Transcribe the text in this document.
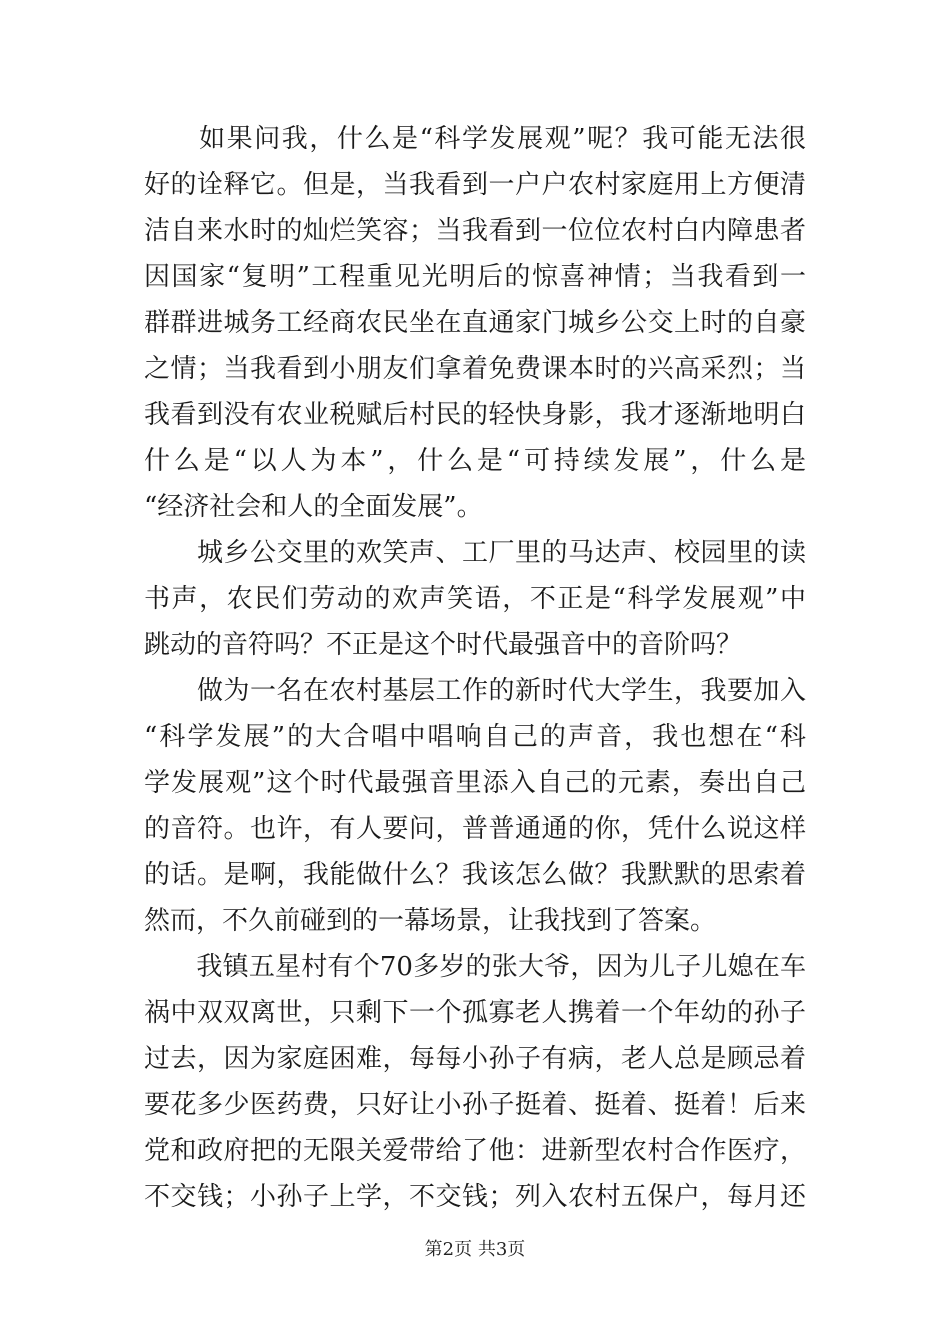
　　如果问我，什么是“科学发展观”呢？我可能无法很
好的诠释它。但是，当我看到一户户农村家庭用上方便清
洁自来水时的灿烂笑容；当我看到一位位农村白内障患者
因国家“复明”工程重见光明后的惊喜神情；当我看到一
群群进城务工经商农民坐在直通家门城乡公交上时的自豪
之情；当我看到小朋友们拿着免费课本时的兴高采烈；当
我看到没有农业税赋后村民的轻快身影，我才逐渐地明白
什么是“以人为本”，什么是“可持续发展”，什么是
“经济社会和人的全面发展”。
　　城乡公交里的欢笑声、工厂里的马达声、校园里的读
书声，农民们劳动的欢声笑语，不正是“科学发展观”中
跳动的音符吗？不正是这个时代最强音中的音阶吗？
　　做为一名在农村基层工作的新时代大学生，我要加入
“科学发展”的大合唱中唱响自己的声音，我也想在“科
学发展观”这个时代最强音里添入自己的元素，奏出自己
的音符。也许，有人要问，普普通通的你，凭什么说这样
的话。是啊，我能做什么？我该怎么做？我默默的思索着
然而，不久前碰到的一幕场景，让我找到了答案。
　　我镇五星村有个70多岁的张大爷，因为儿子儿媳在车
祸中双双离世，只剩下一个孤寡老人携着一个年幼的孙子
过去，因为家庭困难，每每小孙子有病，老人总是顾忌着
要花多少医药费，只好让小孙子挺着、挺着、挺着！后来
党和政府把的无限关爱带给了他：进新型农村合作医疗，
不交钱；小孙子上学，不交钱；列入农村五保户，每月还
第2页 共3页
